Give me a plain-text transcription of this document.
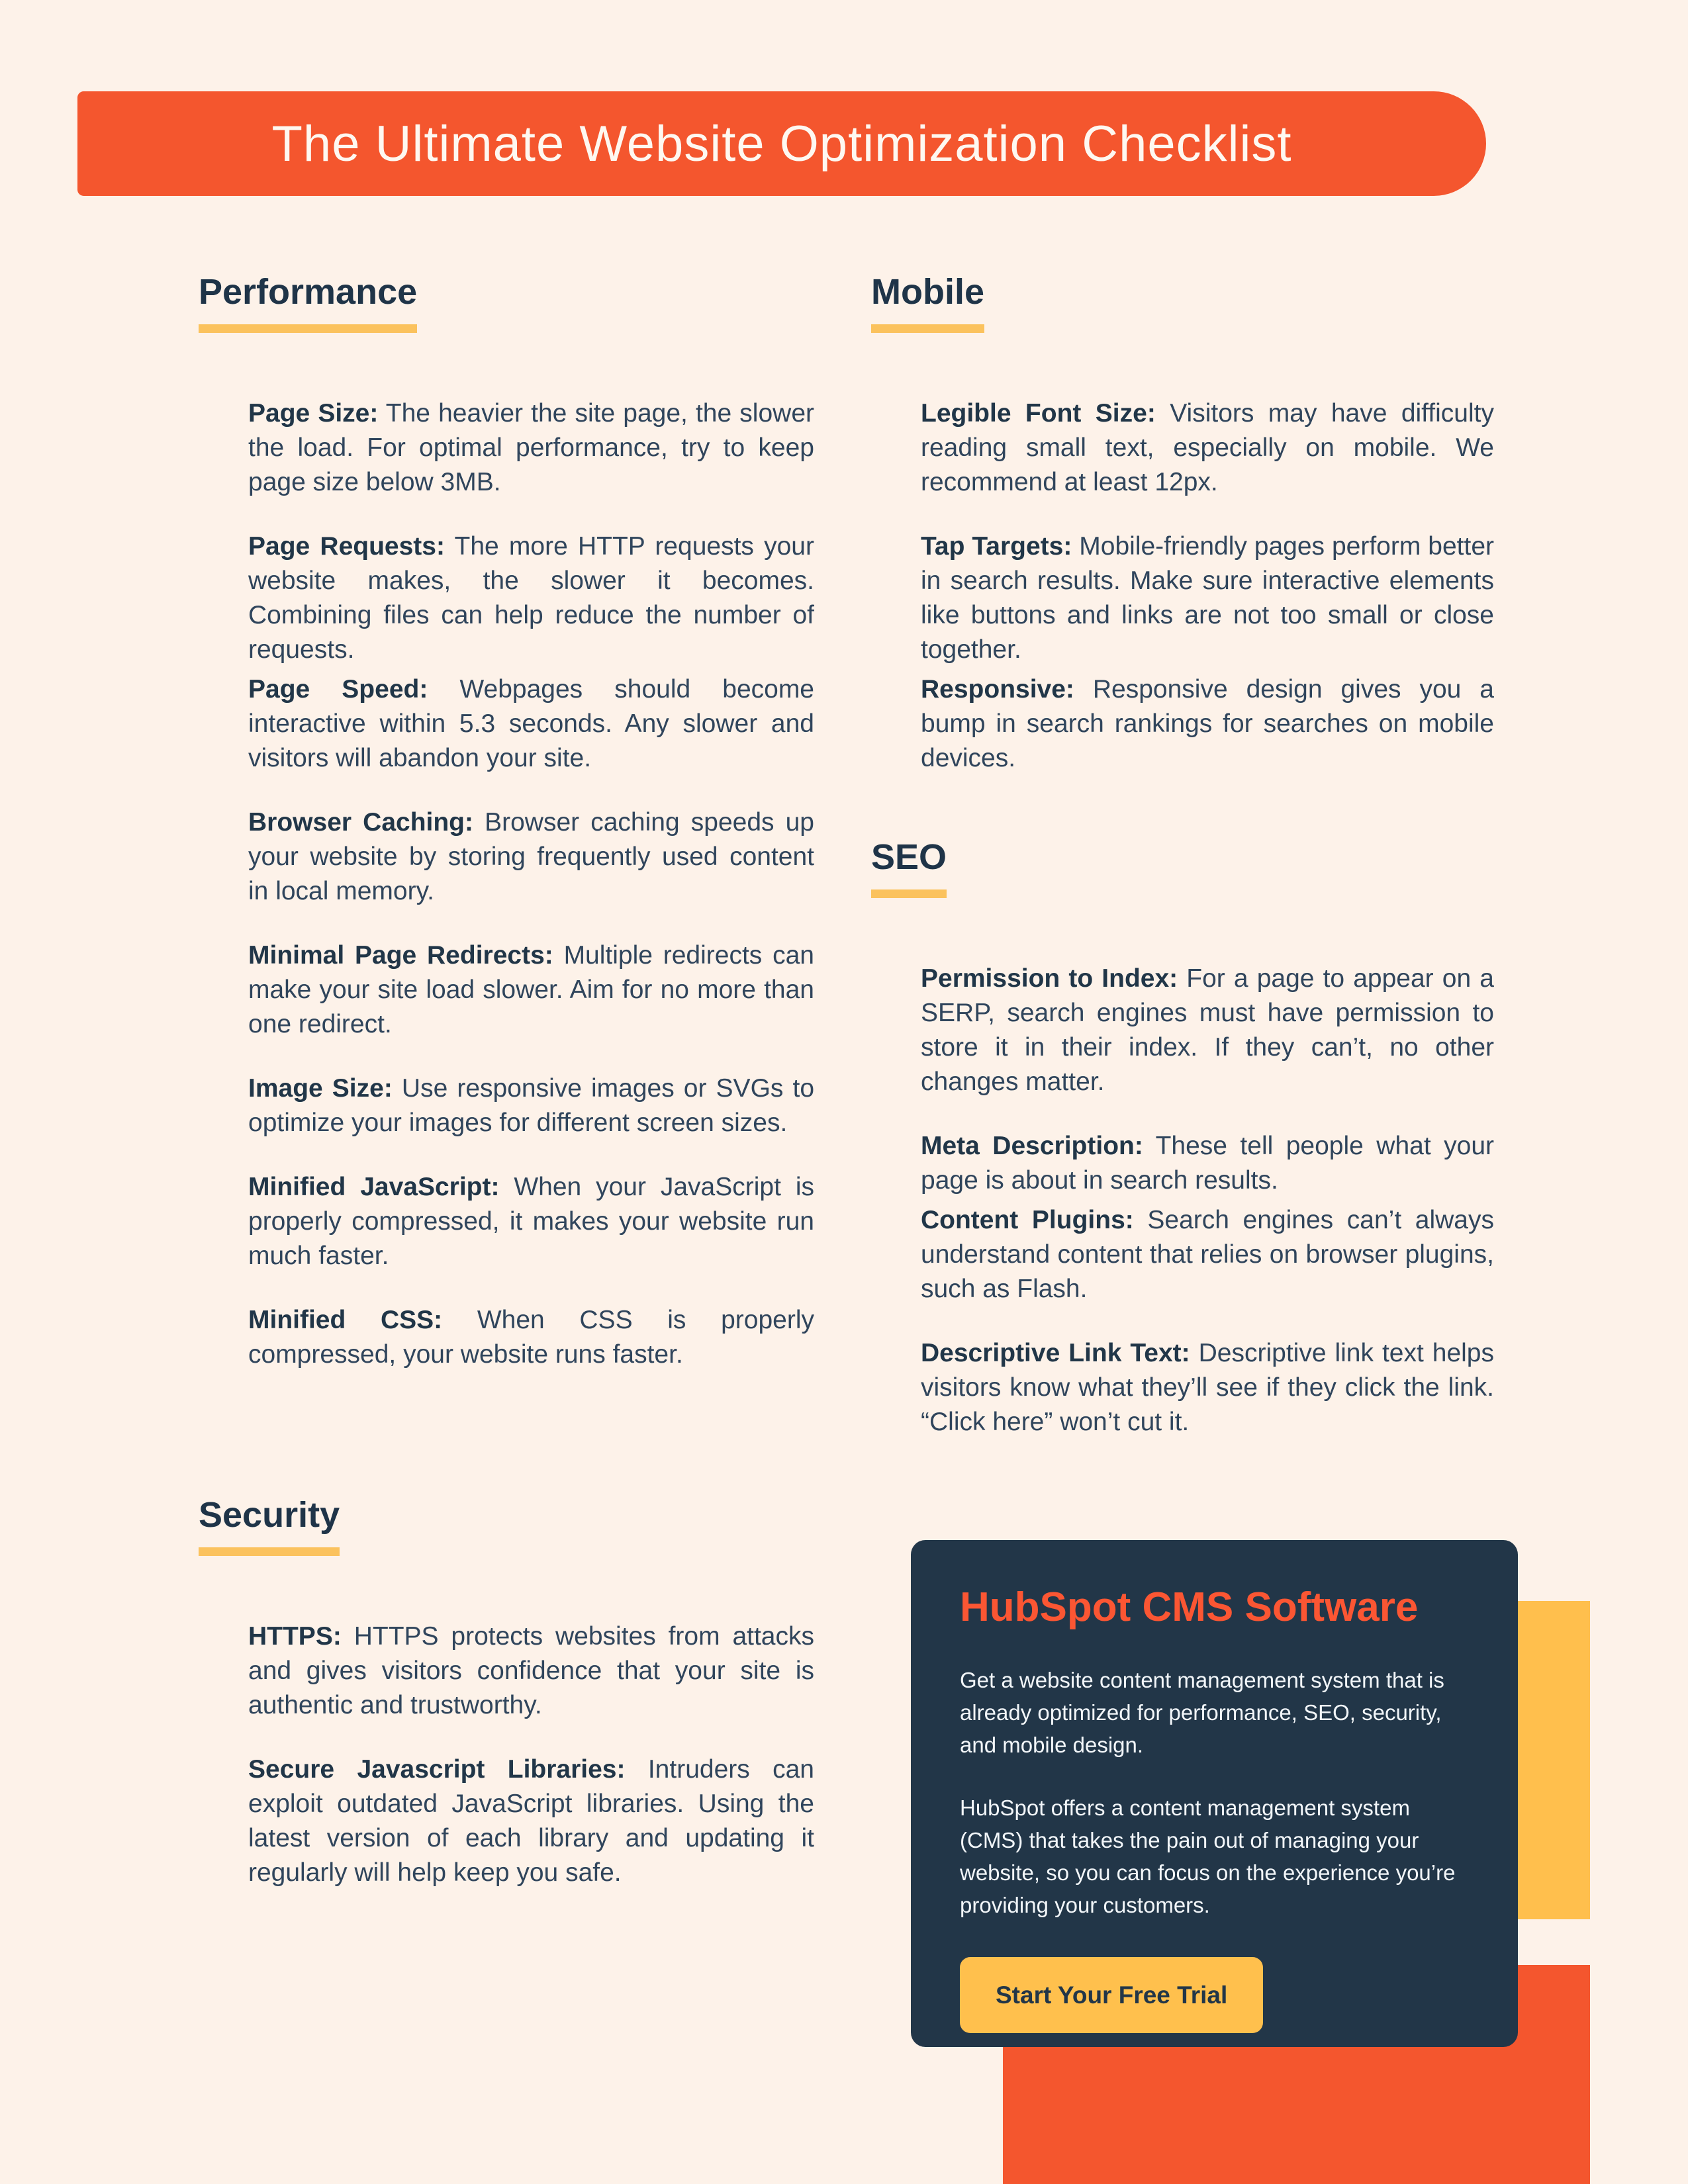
The Ultimate Website Optimization Checklist
Performance

Page Size: The heavier the site page, the slower the load. For optimal performance, try to keep page size below 3MB.

Page Requests: The more HTTP requests your website makes, the slower it becomes. Combining files can help reduce the number of requests.

Page Speed: Webpages should become interactive within 5.3 seconds. Any slower and visitors will abandon your site.

Browser Caching: Browser caching speeds up your website by storing frequently used content in local memory.

Minimal Page Redirects: Multiple redirects can make your site load slower. Aim for no more than one redirect.

Image Size: Use responsive images or SVGs to optimize your images for different screen sizes.

Minified JavaScript: When your JavaScript is properly compressed, it makes your website run much faster.

Minified CSS: When CSS is properly compressed, your website runs faster.

Security

HTTPS: HTTPS protects websites from attacks and gives visitors confidence that your site is authentic and trustworthy.

Secure Javascript Libraries: Intruders can exploit outdated JavaScript libraries. Using the latest version of each library and updating it regularly will help keep you safe.

Mobile

Legible Font Size: Visitors may have difficulty reading small text, especially on mobile. We recommend at least 12px.

Tap Targets: Mobile-friendly pages perform better in search results. Make sure interactive elements like buttons and links are not too small or close together.

Responsive: Responsive design gives you a bump in search rankings for searches on mobile devices.

SEO

Permission to Index: For a page to appear on a SERP, search engines must have permission to store it in their index. If they can’t, no other changes matter.

Meta Description: These tell people what your page is about in search results.

Content Plugins: Search engines can’t always understand content that relies on browser plugins, such as Flash.

Descriptive Link Text: Descriptive link text helps visitors know what they’ll see if they click the link. “Click here” won’t cut it.

HubSpot CMS Software

Get a website content management system that is already optimized for performance, SEO, security, and mobile design.

HubSpot offers a content management system (CMS) that takes the pain out of managing your website, so you can focus on the experience you’re providing your customers.

Start Your Free Trial
